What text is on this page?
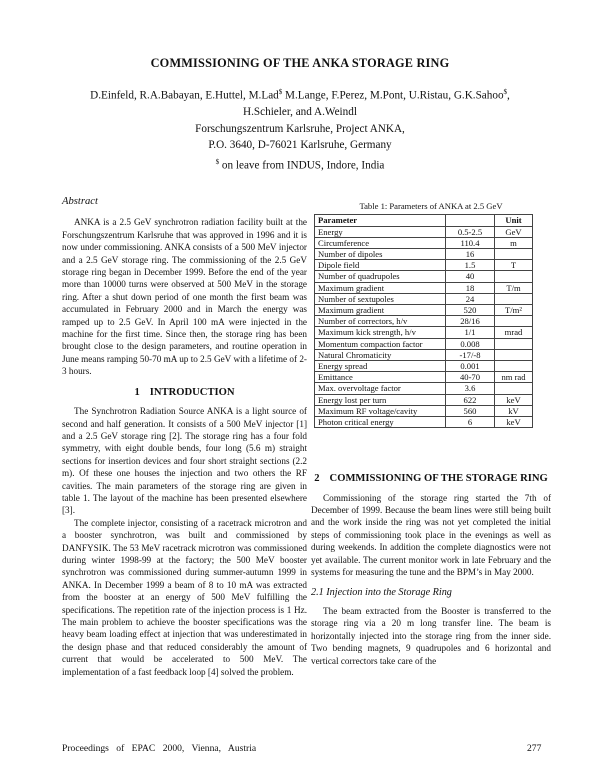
COMMISSIONING OF THE ANKA STORAGE RING
D.Einfeld, R.A.Babayan, E.Huttel, M.Lad$ M.Lange, F.Perez, M.Pont, U.Ristau, G.K.Sahoo$,
H.Schieler, and A.Weindl
Forschungszentrum Karlsruhe, Project ANKA,
P.O. 3640, D-76021 Karlsruhe, Germany
$ on leave from INDUS, Indore, India
Abstract

ANKA is a 2.5 GeV synchrotron radiation facility built at the Forschungszentrum Karlsruhe that was approved in 1996 and it is now under commissioning. ANKA consists of a 500 MeV injector and a 2.5 GeV storage ring. The commissioning of the 2.5 GeV storage ring began in December 1999. Before the end of the year more than 10000 turns were observed at 500 MeV in the storage ring. After a shut down period of one month the first beam was accumulated in February 2000 and in March the energy was ramped up to 2.5 GeV. In April 100 mA were injected in the machine for the first time. Since then, the storage ring has been brought close to the design parameters, and routine operation in June means ramping 50-70 mA up to 2.5 GeV with a lifetime of 2-3 hours.

1 INTRODUCTION

The Synchrotron Radiation Source ANKA is a light source of second and half generation. It consists of a 500 MeV injector [1] and a 2.5 GeV storage ring [2]. The storage ring has a four fold symmetry, with eight double bends, four long (5.6 m) straight sections for insertion devices and four short straight sections (2.2 m). Of these one houses the injection and two others the RF cavities. The main parameters of the storage ring are given in table 1. The layout of the machine has been presented elsewhere [3].

The complete injector, consisting of a racetrack microtron and a booster synchrotron, was built and commissioned by DANFYSIK. The 53 MeV racetrack microtron was commissioned during winter 1998-99 at the factory; the 500 MeV booster synchrotron was commissioned during summer-autumn 1999 in ANKA. In December 1999 a beam of 8 to 10 mA was extracted from the booster at an energy of 500 MeV fulfilling the specifications. The repetition rate of the injection process is 1 Hz. The main problem to achieve the booster specifications was the heavy beam loading effect at injection that was underestimated in the design phase and that reduced considerably the amount of current that would be accelerated to 500 MeV. The implementation of a fast feedback loop [4] solved the problem.

Table 1: Parameters of ANKA at 2.5 GeV
Parameter		Unit
Energy	0.5-2.5	GeV
Circumference	110.4	m
Number of dipoles	16	
Dipole field	1.5	T
Number of quadrupoles	40	
Maximum gradient	18	T/m
Number of sextupoles	24	
Maximum gradient	520	T/m²
Number of correctors, h/v	28/16	
Maximum kick strength, h/v	1/1	mrad
Momentum compaction factor	0.008	
Natural Chromaticity	-17/-8	
Energy spread	0.001	
Emittance	40-70	nm rad
Max. overvoltage factor	3.6	
Energy lost per turn	622	keV
Maximum RF voltage/cavity	560	kV
Photon critical energy	6	keV
2 COMMISSIONING OF THE STORAGE RING

Commissioning of the storage ring started the 7th of December of 1999. Because the beam lines were still being built and the work inside the ring was not yet completed the initial steps of commissioning took place in the evenings as well as during weekends. In addition the complete diagnostics were not yet available. The current monitor work in late February and the systems for measuring the tune and the BPM’s in May 2000.

2.1 Injection into the Storage Ring

The beam extracted from the Booster is transferred to the storage ring via a 20 m long transfer line. The beam is horizontally injected into the storage ring from the inner side. Two bending magnets, 9 quadrupoles and 6 horizontal and vertical correctors take care of the

Proceedings of EPAC 2000, Vienna, Austria	277
